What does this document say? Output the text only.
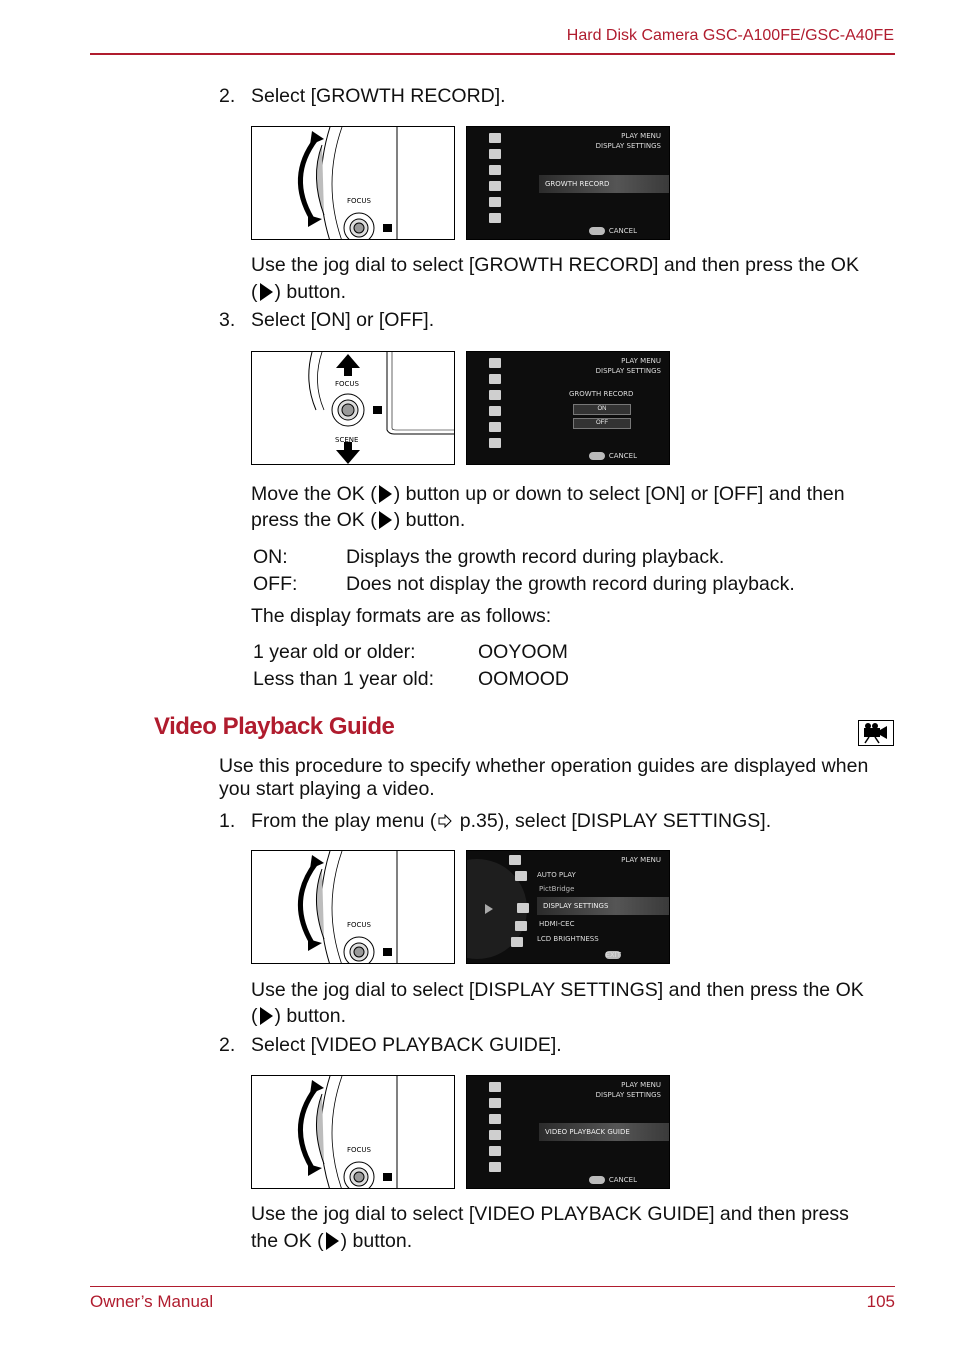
Hard Disk Camera GSC-A100FE/GSC-A40FE
2. Select [GROWTH RECORD].
FOCUS
PLAY MENU
DISPLAY SETTINGS
GROWTH RECORD
CANCEL
Use the jog dial to select [GROWTH RECORD] and then press the OK
( ) button.
3. Select [ON] or [OFF].
FOCUS
SCENE
PLAY MENU
DISPLAY SETTINGS
GROWTH RECORD
ON
OFF
CANCEL
Move the OK ( ) button up or down to select [ON] or [OFF] and then
press the OK ( ) button.
ON:	Displays the growth record during playback.
OFF: Does not display the growth record during playback.
The display formats are as follows:
1 year old or older:	OOYOOM
Less than 1 year old: OOMOOD
Video Playback Guide
Use this procedure to specify whether operation guides are displayed when
you start playing a video.
1. From the play menu ( p.35), select [DISPLAY SETTINGS].
FOCUS
PLAY MENU
AUTO PLAY
PictBridge
DISPLAY SETTINGS
HDMI-CEC
LCD BRIGHTNESS
EXIT
Use the jog dial to select [DISPLAY SETTINGS] and then press the OK
( ) button.
2. Select [VIDEO PLAYBACK GUIDE].
FOCUS
PLAY MENU
DISPLAY SETTINGS
VIDEO PLAYBACK GUIDE
CANCEL
Use the jog dial to select [VIDEO PLAYBACK GUIDE] and then press
the OK ( ) button.
Owner’s Manual	105
